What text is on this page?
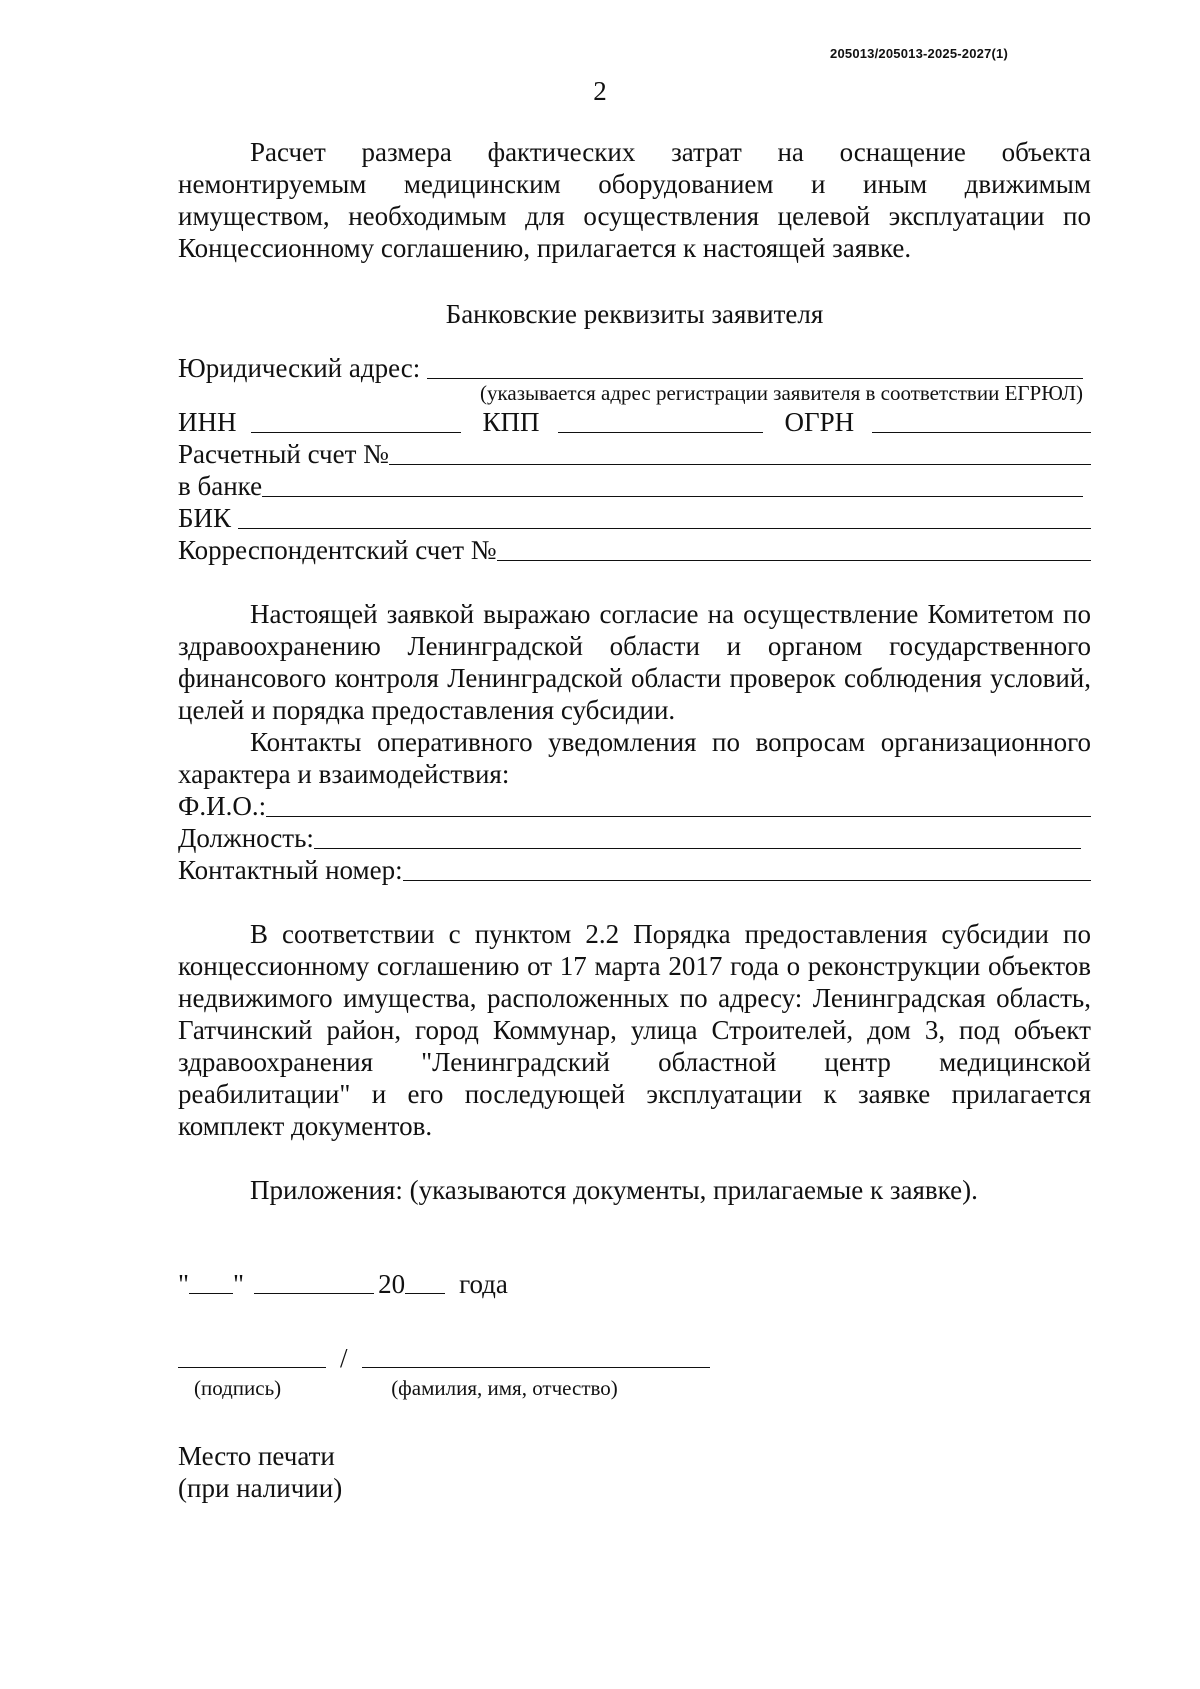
205013/205013-2025-2027(1)
2

Расчет размера фактических затрат на оснащение объекта немонтируемым медицинским оборудованием и иным движимым имуществом, необходимым для осуществления целевой эксплуатации по Концессионному соглашению, прилагается к настоящей заявке.

Банковские реквизиты заявителя

Юридический адрес:
(указывается адрес регистрации заявителя в соответствии ЕГРЮЛ)
ИНН	КПП	ОГРН
Расчетный счет №
в банке
БИК
Корреспондентский счет №

Настоящей заявкой выражаю согласие на осуществление Комитетом по здравоохранению Ленинградской области и органом государственного финансового контроля Ленинградской области проверок соблюдения условий, целей и порядка предоставления субсидии.

Контакты оперативного уведомления по вопросам организационного характера и взаимодействия:

Ф.И.О.:
Должность:
Контактный номер:

В соответствии с пунктом 2.2 Порядка предоставления субсидии по концессионному соглашению от 17 марта 2017 года о реконструкции объектов недвижимого имущества, расположенных по адресу: Ленинградская область, Гатчинский район, город Коммунар, улица Строителей, дом 3, под объект здравоохранения "Ленинградский областной центр медицинской реабилитации" и его последующей эксплуатации к заявке прилагается комплект документов.

Приложения: (указываются документы, прилагаемые к заявке).

" "	20 года
/
(подпись)	(фамилия, имя, отчество)
Место печати
(при наличии)
